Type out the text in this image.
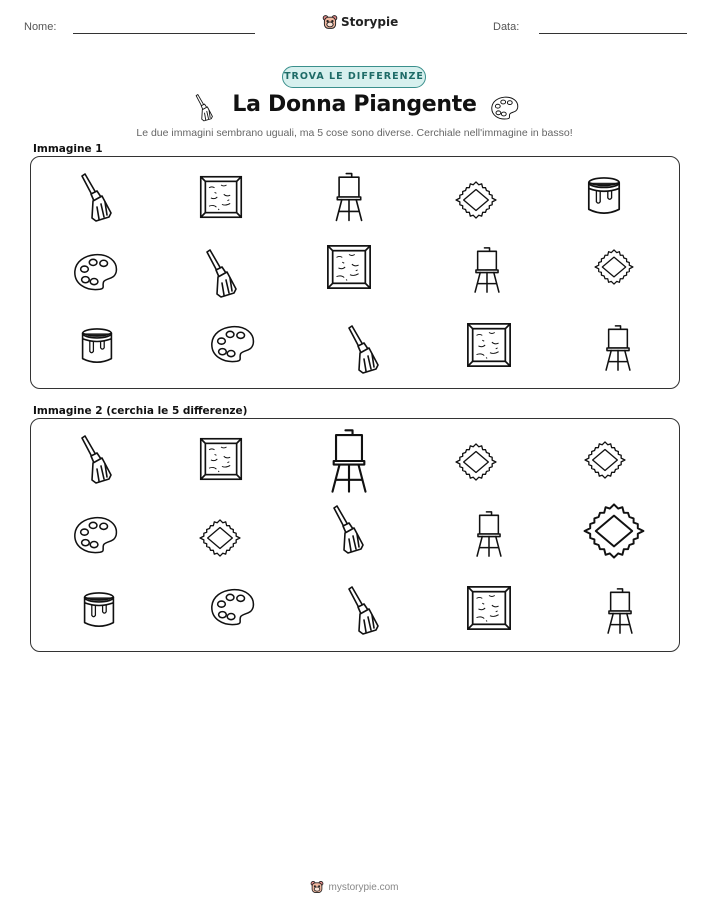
Nome:	Storypie	Data:
TROVA LE DIFFERENZE
La Donna Piangente
Le due immagini sembrano uguali, ma 5 cose sono diverse. Cerchiale nell'immagine in basso!
Immagine 1
Immagine 2 (cerchia le 5 differenze)
mystorypie.com
